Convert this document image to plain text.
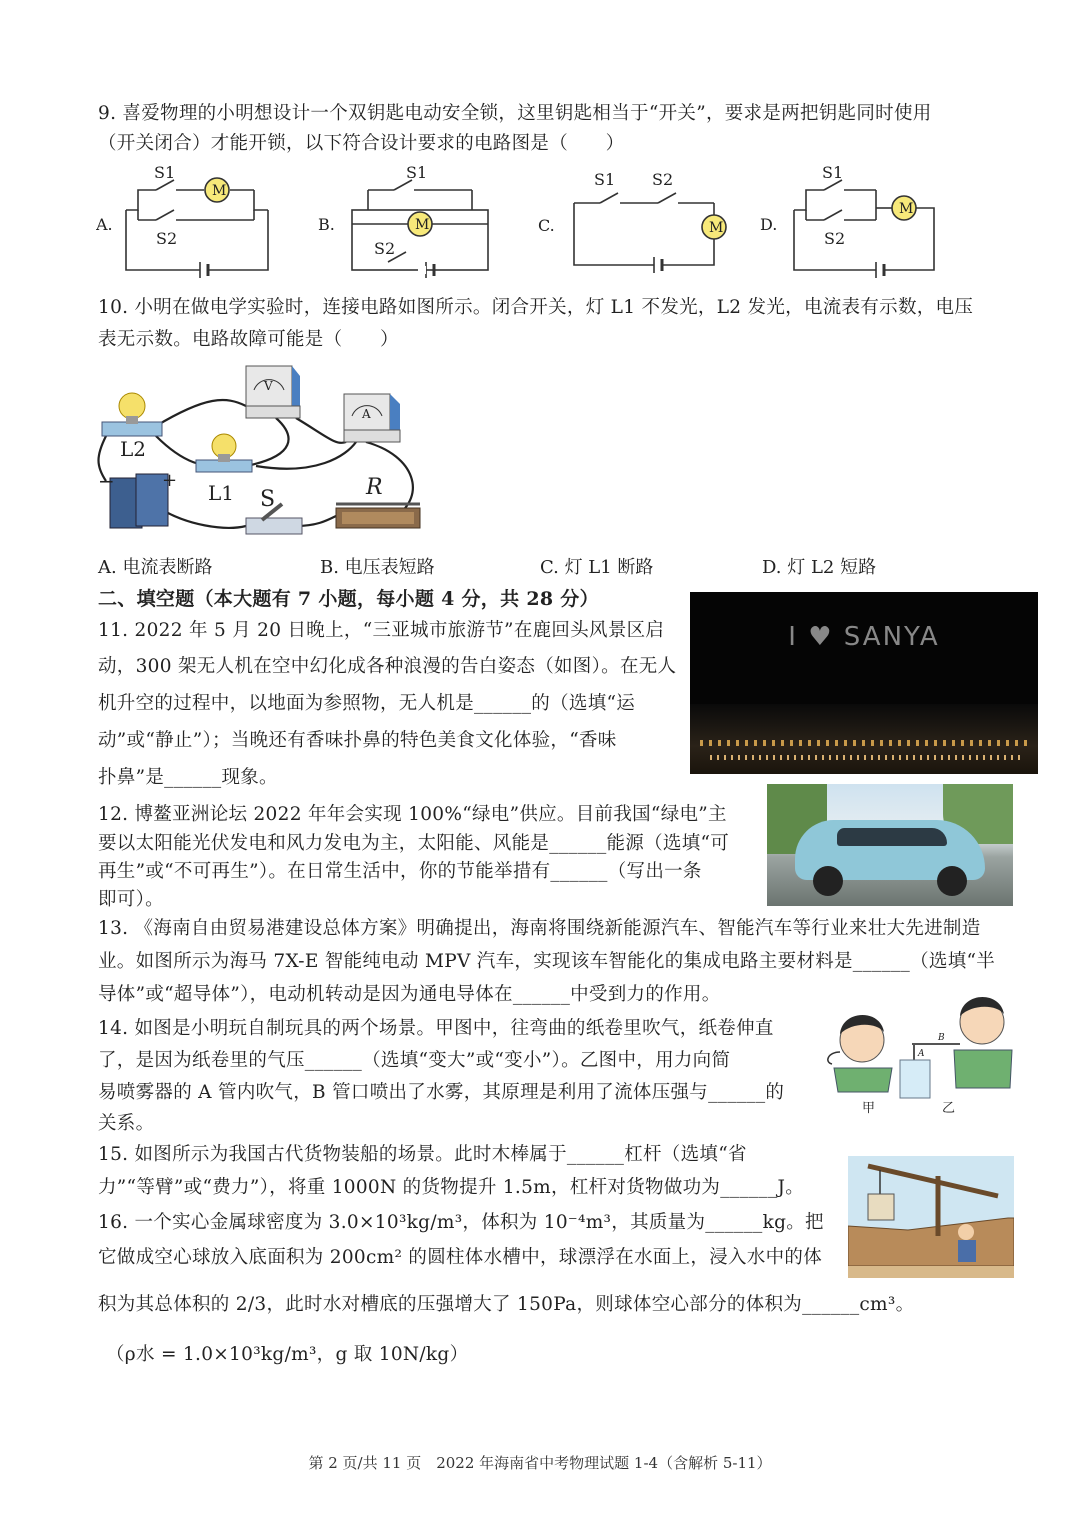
9. 喜爱物理的小明想设计一个双钥匙电动安全锁，这里钥匙相当于“开关”，要求是两把钥匙同时使用
（开关闭合）才能开锁，以下符合设计要求的电路图是（　　）
M
S1
S2
A.	M
S1
S2
B.	M
S1 S2
C.
M
S1
S2
D.
10. 小明在做电学实验时，连接电路如图所示。闭合开关，灯 L1 不发光，L2 发光，电流表有示数，电压
表无示数。电路故障可能是（　　）
L2
L1
V
A
−	+
S	R
A. 电流表断路	B. 电压表短路	C. 灯 L1 断路	D. 灯 L2 短路
二、填空题（本大题有 7 小题，每小题 4 分，共 28 分）
I ♥ SANYA
11. 2022 年 5 月 20 日晚上，“三亚城市旅游节”在鹿回头风景区启
动，300 架无人机在空中幻化成各种浪漫的告白姿态（如图）。在无人
机升空的过程中，以地面为参照物，无人机是______的（选填“运
动”或“静止”）；当晚还有香味扑鼻的特色美食文化体验，“香味
扑鼻”是______现象。
12. 博鳌亚洲论坛 2022 年年会实现 100%“绿电”供应。目前我国“绿电”主
要以太阳能光伏发电和风力发电为主，太阳能、风能是______能源（选填“可
再生”或“不可再生”）。在日常生活中，你的节能举措有______（写出一条
即可）。
13. 《海南自由贸易港建设总体方案》明确提出，海南将围绕新能源汽车、智能汽车等行业来壮大先进制造
业。如图所示为海马 7X-E 智能纯电动 MPV 汽车，实现该车智能化的集成电路主要材料是______（选填“半
导体”或“超导体”），电动机转动是因为通电导体在______中受到力的作用。
甲
B
A
乙
14. 如图是小明玩自制玩具的两个场景。甲图中，往弯曲的纸卷里吹气，纸卷伸直
了，是因为纸卷里的气压______（选填“变大”或“变小”）。乙图中，用力向简
易喷雾器的 A 管内吹气，B 管口喷出了水雾，其原理是利用了流体压强与______的
关系。
15. 如图所示为我国古代货物装船的场景。此时木棒属于______杠杆（选填“省
力”“等臂”或“费力”），将重 1000N 的货物提升 1.5m，杠杆对货物做功为______J。
16. 一个实心金属球密度为 3.0×10³kg/m³，体积为 10⁻⁴m³，其质量为______kg。把
它做成空心球放入底面积为 200cm² 的圆柱体水槽中，球漂浮在水面上，浸入水中的体
积为其总体积的 2/3，此时水对槽底的压强增大了 150Pa，则球体空心部分的体积为______cm³。
（ρ水 = 1.0×10³kg/m³，g 取 10N/kg）
第 2 页/共 11 页　2022 年海南省中考物理试题 1-4（含解析 5-11）
